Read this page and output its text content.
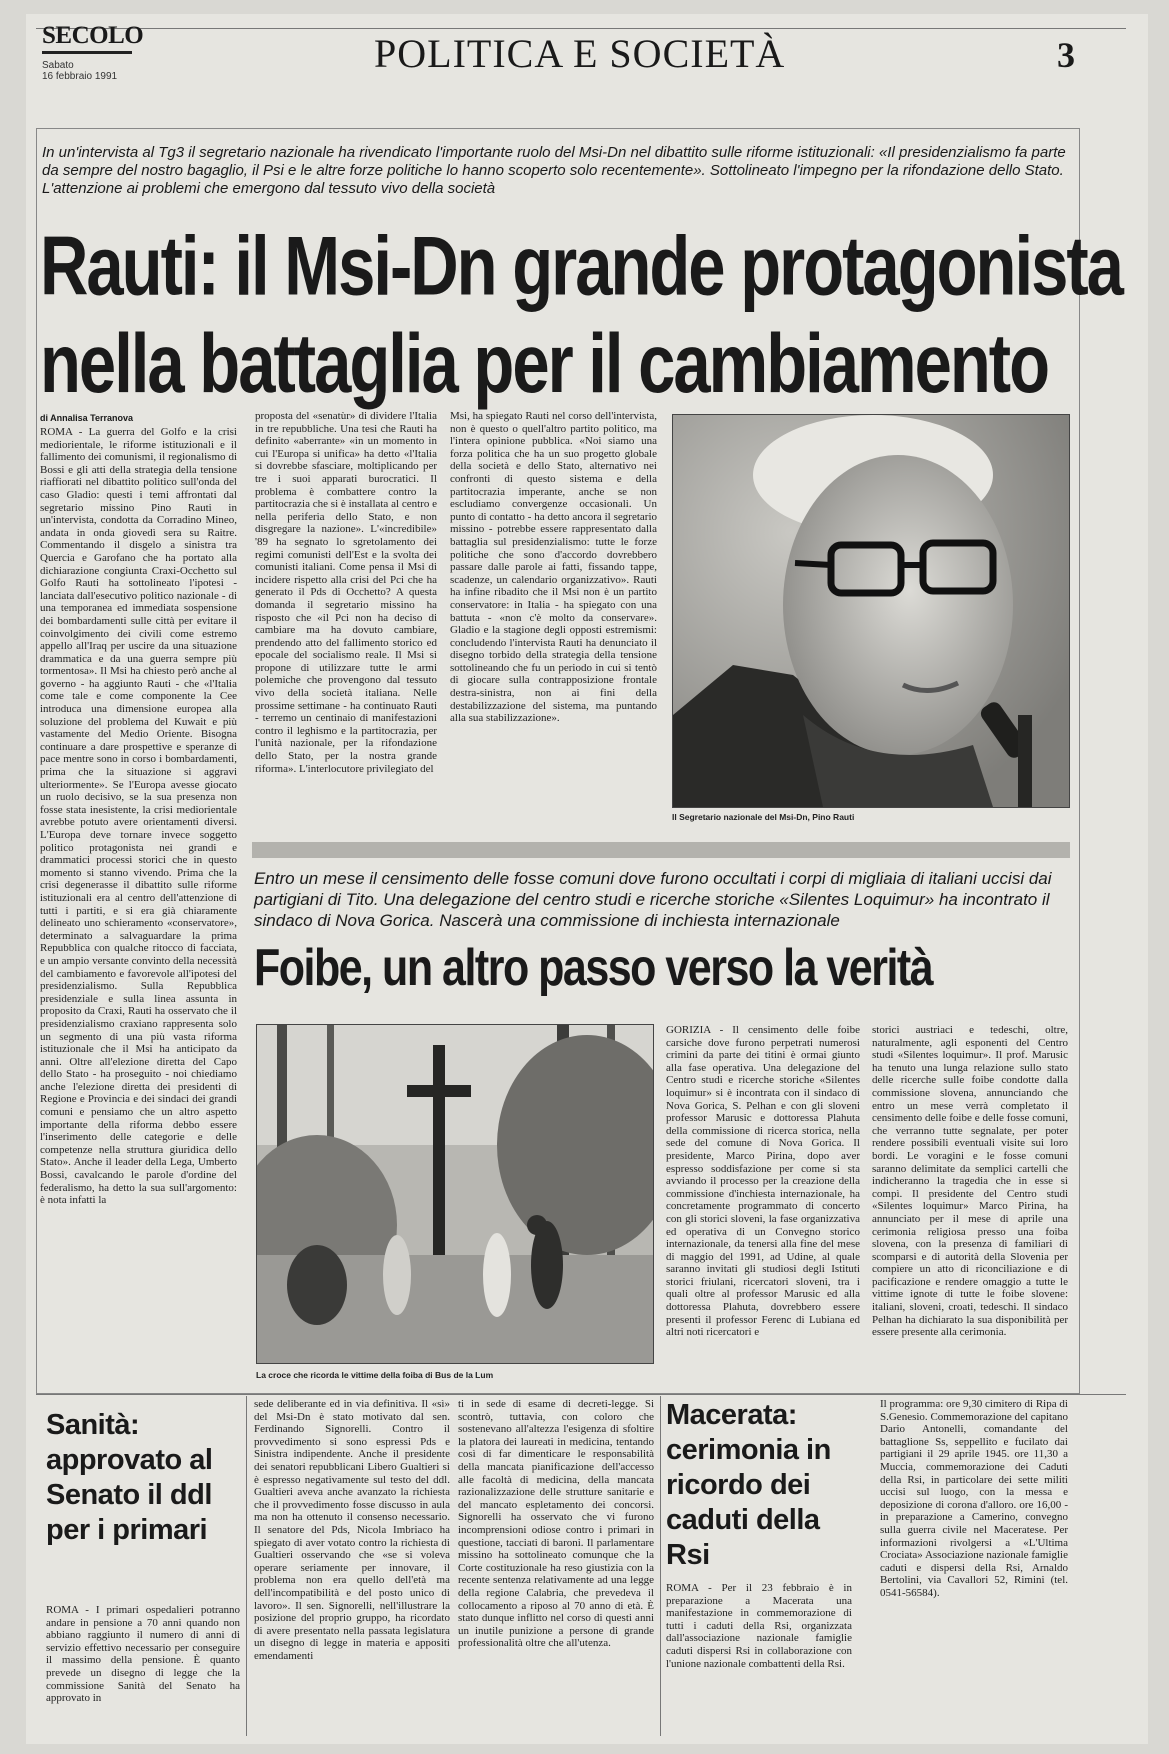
SECOLO
Sabato
16 febbraio 1991
POLITICA E SOCIETÀ	3
In un'intervista al Tg3 il segretario nazionale ha rivendicato l'importante ruolo del Msi-Dn nel dibattito sulle riforme istituzionali: «Il presidenzialismo fa parte da sempre del nostro bagaglio, il Psi e le altre forze politiche lo hanno scoperto solo recentemente». Sottolineato l'impegno per la rifondazione dello Stato. L'attenzione ai problemi che emergono dal tessuto vivo della società
Rauti: il Msi-Dn grande protagonista
nella battaglia per il cambiamento
di Annalisa Terranova
ROMA - La guerra del Golfo e la crisi mediorientale, le riforme istituzionali e il fallimento dei comunismi, il regionalismo di Bossi e gli atti della strategia della tensione riaffiorati nel dibattito politico sull'onda del caso Gladio: questi i temi affrontati dal segretario missino Pino Rauti in un'intervista, condotta da Corradino Mineo, andata in onda giovedì sera su Raitre. Commentando il disgelo a sinistra tra Quercia e Garofano che ha portato alla dichiarazione congiunta Craxi-Occhetto sul Golfo Rauti ha sottolineato l'ipotesi - lanciata dall'esecutivo politico nazionale - di una temporanea ed immediata sospensione dei bombardamenti sulle città per evitare il coinvolgimento dei civili come estremo appello all'Iraq per uscire da una situazione drammatica e da una guerra sempre più tormentosa». Il Msi ha chiesto però anche al governo - ha aggiunto Rauti - che «l'Italia come tale e come componente la Cee introduca una dimensione europea alla soluzione del problema del Kuwait e più vastamente del Medio Oriente. Bisogna continuare a dare prospettive e speranze di pace mentre sono in corso i bombardamenti, prima che la situazione si aggravi ulteriormente». Se l'Europa avesse giocato un ruolo decisivo, se la sua presenza non fosse stata inesistente, la crisi mediorientale avrebbe potuto avere orientamenti diversi. L'Europa deve tornare invece soggetto politico protagonista nei grandi e drammatici processi storici che in questo momento si stanno vivendo. Prima che la crisi degenerasse il dibattito sulle riforme istituzionali era al centro dell'attenzione di tutti i partiti, e si era già chiaramente delineato uno schieramento «conservatore», determinato a salvaguardare la prima Repubblica con qualche ritocco di facciata, e un ampio versante convinto della necessità del cambiamento e favorevole all'ipotesi del presidenzialismo. Sulla Repubblica presidenziale e sulla linea assunta in proposito da Craxi, Rauti ha osservato che il presidenzialismo craxiano rappresenta solo un segmento di una più vasta riforma istituzionale che il Msi ha anticipato da anni. Oltre all'elezione diretta del Capo dello Stato - ha proseguito - noi chiediamo anche l'elezione diretta dei presidenti di Regione e Provincia e dei sindaci dei grandi comuni e pensiamo che un altro aspetto importante della riforma debbo essere l'inserimento delle categorie e delle competenze nella struttura giuridica dello Stato». Anche il leader della Lega, Umberto Bossi, cavalcando le parole d'ordine del federalismo, ha detto la sua sull'argomento: è nota infatti la
proposta del «senatùr» di dividere l'Italia in tre repubbliche. Una tesi che Rauti ha definito «aberrante» «in un momento in cui l'Europa si unifica» ha detto «l'Italia si dovrebbe sfasciare, moltiplicando per tre i suoi apparati burocratici. Il problema è combattere contro la partitocrazia che si è installata al centro e nella periferia dello Stato, e non disgregare la nazione». L'«incredibile» '89 ha segnato lo sgretolamento dei regimi comunisti dell'Est e la svolta dei comunisti italiani. Come pensa il Msi di incidere rispetto alla crisi del Pci che ha generato il Pds di Occhetto? A questa domanda il segretario missino ha risposto che «il Pci non ha deciso di cambiare ma ha dovuto cambiare, prendendo atto del fallimento storico ed epocale del socialismo reale. Il Msi si propone di utilizzare tutte le armi polemiche che provengono dal tessuto vivo della società italiana. Nelle prossime settimane - ha continuato Rauti - terremo un centinaio di manifestazioni contro il leghismo e la partitocrazia, per l'unità nazionale, per la rifondazione dello Stato, per la nostra grande riforma». L'interlocutore privilegiato del
Msi, ha spiegato Rauti nel corso dell'intervista, non è questo o quell'altro partito politico, ma l'intera opinione pubblica. «Noi siamo una forza politica che ha un suo progetto globale della società e dello Stato, alternativo nei confronti di questo sistema e della partitocrazia imperante, anche se non escludiamo convergenze occasionali. Un punto di contatto - ha detto ancora il segretario missino - potrebbe essere rappresentato dalla battaglia sul presidenzialismo: tutte le forze politiche che sono d'accordo dovrebbero passare dalle parole ai fatti, fissando tappe, scadenze, un calendario organizzativo». Rauti ha infine ribadito che il Msi non è un partito conservatore: in Italia - ha spiegato con una battuta - «non c'è molto da conservare». Gladio e la stagione degli opposti estremismi: concludendo l'intervista Rauti ha denunciato il disegno torbido della strategia della tensione sottolineando che fu un periodo in cui si tentò di giocare sulla contrapposizione frontale destra-sinistra, non ai fini della destabilizzazione del sistema, ma puntando alla sua stabilizzazione».
Il Segretario nazionale del Msi-Dn, Pino Rauti
Entro un mese il censimento delle fosse comuni dove furono occultati i corpi di migliaia di italiani uccisi dai partigiani di Tito. Una delegazione del centro studi e ricerche storiche «Silentes Loquimur» ha incontrato il sindaco di Nova Gorica. Nascerà una commissione di inchiesta internazionale
Foibe, un altro passo verso la verità
La croce che ricorda le vittime della foiba di Bus de la Lum
GORIZIA - Il censimento delle foibe carsiche dove furono perpetrati numerosi crimini da parte dei titini è ormai giunto alla fase operativa. Una delegazione del Centro studi e ricerche storiche «Silentes loquimur» si è incontrata con il sindaco di Nova Gorica, S. Pelhan e con gli sloveni professor Marusic e dottoressa Plahuta della commissione di ricerca storica, nella sede del comune di Nova Gorica. Il presidente, Marco Pirina, dopo aver espresso soddisfazione per come si sta avviando il processo per la creazione della commissione d'inchiesta internazionale, ha concretamente programmato di concerto con gli storici sloveni, la fase organizzativa ed operativa di un Convegno storico internazionale, da tenersi alla fine del mese di maggio del 1991, ad Udine, al quale saranno invitati gli studiosi degli Istituti storici friulani, ricercatori sloveni, tra i quali oltre al professor Marusic ed alla dottoressa Plahuta, dovrebbero essere presenti il professor Ferenc di Lubiana ed altri noti ricercatori e
storici austriaci e tedeschi, oltre, naturalmente, agli esponenti del Centro studi «Silentes loquimur». Il prof. Marusic ha tenuto una lunga relazione sullo stato delle ricerche sulle foibe condotte dalla commissione slovena, annunciando che entro un mese verrà completato il censimento delle foibe e delle fosse comuni, che verranno tutte segnalate, per poter rendere possibili eventuali visite sui loro bordi. Le voragini e le fosse comuni saranno delimitate da semplici cartelli che indicheranno la tragedia che in esse si compì. Il presidente del Centro studi «Silentes loquimur» Marco Pirina, ha annunciato per il mese di aprile una cerimonia religiosa presso una foiba slovena, con la presenza di familiari di scomparsi e di autorità della Slovenia per compiere un atto di riconciliazione e di pacificazione e rendere omaggio a tutte le vittime ignote di tutte le foibe slovene: italiani, sloveni, croati, tedeschi. Il sindaco Pelhan ha dichiarato la sua disponibilità per essere presente alla cerimonia.
Sanità: approvato al Senato il ddl per i primari
ROMA - I primari ospedalieri potranno andare in pensione a 70 anni quando non abbiano raggiunto il numero di anni di servizio effettivo necessario per conseguire il massimo della pensione. È quanto prevede un disegno di legge che la commissione Sanità del Senato ha approvato in
sede deliberante ed in via definitiva. Il «sì» del Msi-Dn è stato motivato dal sen. Ferdinando Signorelli. Contro il provvedimento si sono espressi Pds e Sinistra indipendente. Anche il presidente dei senatori repubblicani Libero Gualtieri si è espresso negativamente sul testo del ddl. Gualtieri aveva anche avanzato la richiesta che il provvedimento fosse discusso in aula ma non ha ottenuto il consenso necessario. Il senatore del Pds, Nicola Imbriaco ha spiegato di aver votato contro la richiesta di Gualtieri osservando che «se si voleva operare seriamente per innovare, il problema non era quello dell'età ma dell'incompatibilità e del posto unico di lavoro». Il sen. Signorelli, nell'illustrare la posizione del proprio gruppo, ha ricordato di avere presentato nella passata legislatura un disegno di legge in materia e appositi emendamenti
ti in sede di esame di decreti-legge. Si scontrò, tuttavia, con coloro che sostenevano all'altezza l'esigenza di sfoltire la platora dei laureati in medicina, tentando così di far dimenticare le responsabilità della mancata pianificazione dell'accesso alle facoltà di medicina, della mancata razionalizzazione delle strutture sanitarie e del mancato espletamento dei concorsi. Signorelli ha osservato che vi furono incomprensioni odiose contro i primari in questione, tacciati di baroni. Il parlamentare missino ha sottolineato comunque che la Corte costituzionale ha reso giustizia con la recente sentenza relativamente ad una legge della regione Calabria, che prevedeva il collocamento a riposo al 70 anno di età. È stato dunque inflitto nel corso di questi anni un inutile punizione a persone di grande professionalità oltre che all'utenza.
Macerata: cerimonia in ricordo dei caduti della Rsi
ROMA - Per il 23 febbraio è in preparazione a Macerata una manifestazione in commemorazione di tutti i caduti della Rsi, organizzata dall'associazione nazionale famiglie caduti dispersi Rsi in collaborazione con l'unione nazionale combattenti della Rsi.
Il programma: ore 9,30 cimitero di Ripa di S.Genesio. Commemorazione del capitano Dario Antonelli, comandante del battaglione Ss, seppellito e fucilato dai partigiani il 29 aprile 1945. ore 11,30 a Muccia, commemorazione dei Caduti della Rsi, in particolare dei sette militi uccisi sul luogo, con la messa e deposizione di corona d'alloro. ore 16,00 - in preparazione a Camerino, convegno sulla guerra civile nel Maceratese. Per informazioni rivolgersi a «L'Ultima Crociata» Associazione nazionale famiglie caduti e dispersi della Rsi, Arnaldo Bertolini, via Cavallori 52, Rimini (tel. 0541-56584).
